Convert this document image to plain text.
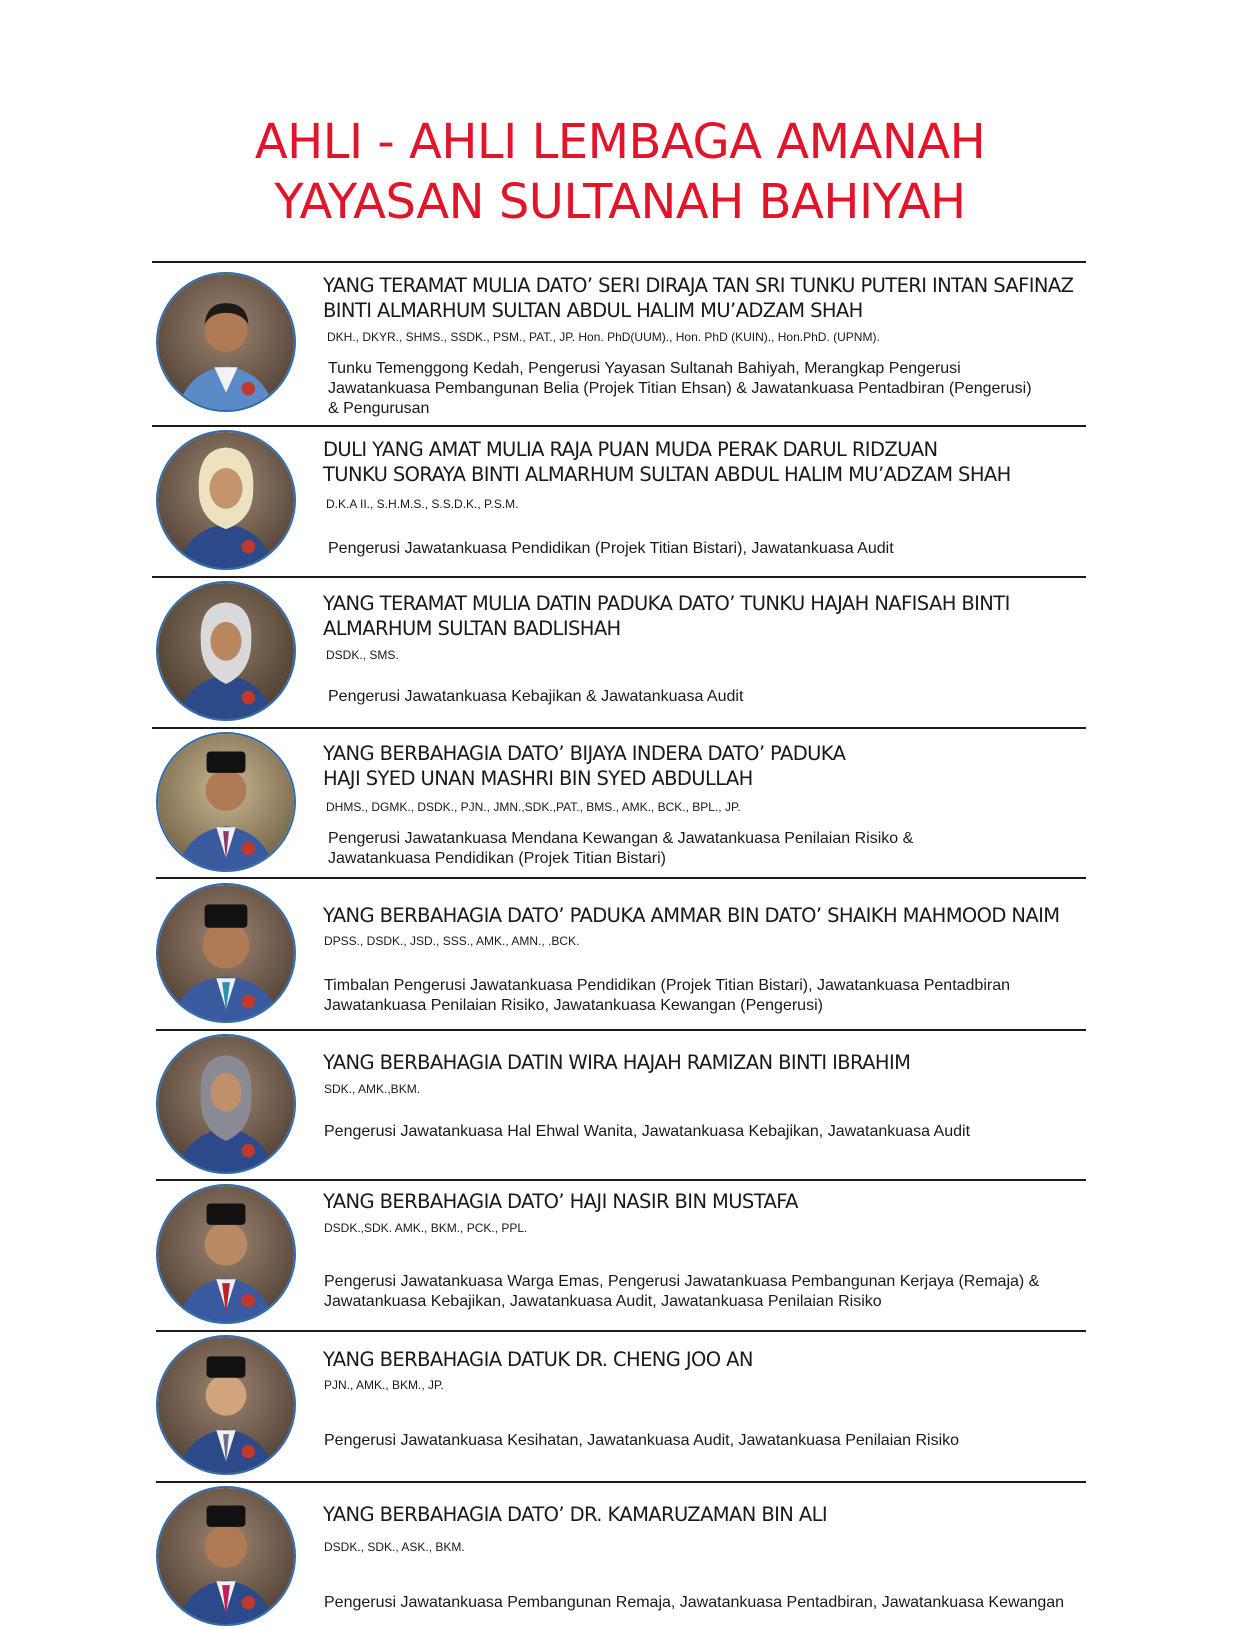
AHLI - AHLI LEMBAGA AMANAH
YAYASAN SULTANAH BAHIYAH
YANG TERAMAT MULIA DATO’ SERI DIRAJA TAN SRI TUNKU PUTERI INTAN SAFINAZ
BINTI ALMARHUM SULTAN ABDUL HALIM MU’ADZAM SHAH
DKH., DKYR., SHMS., SSDK., PSM., PAT., JP. Hon. PhD(UUM)., Hon. PhD (KUIN)., Hon.PhD. (UPNM).
Tunku Temenggong Kedah, Pengerusi Yayasan Sultanah Bahiyah, Merangkap Pengerusi
Jawatankuasa Pembangunan Belia (Projek Titian Ehsan) & Jawatankuasa Pentadbiran (Pengerusi)
& Pengurusan
DULI YANG AMAT MULIA RAJA PUAN MUDA PERAK DARUL RIDZUAN
TUNKU SORAYA BINTI ALMARHUM SULTAN ABDUL HALIM MU’ADZAM SHAH
D.K.A II., S.H.M.S., S.S.D.K., P.S.M.
Pengerusi Jawatankuasa Pendidikan (Projek Titian Bistari), Jawatankuasa Audit
YANG TERAMAT MULIA DATIN PADUKA DATO’ TUNKU HAJAH NAFISAH BINTI
ALMARHUM SULTAN BADLISHAH
DSDK., SMS.
Pengerusi Jawatankuasa Kebajikan & Jawatankuasa Audit
YANG BERBAHAGIA DATO’ BIJAYA INDERA DATO’ PADUKA
HAJI SYED UNAN MASHRI BIN SYED ABDULLAH
DHMS., DGMK., DSDK., PJN., JMN.,SDK.,PAT., BMS., AMK., BCK., BPL., JP.
Pengerusi Jawatankuasa Mendana Kewangan & Jawatankuasa Penilaian Risiko &
Jawatankuasa Pendidikan (Projek Titian Bistari)
YANG BERBAHAGIA DATO’ PADUKA AMMAR BIN DATO’ SHAIKH MAHMOOD NAIM
DPSS., DSDK., JSD., SSS., AMK., AMN., .BCK.
Timbalan Pengerusi Jawatankuasa Pendidikan (Projek Titian Bistari), Jawatankuasa Pentadbiran
Jawatankuasa Penilaian Risiko, Jawatankuasa Kewangan (Pengerusi)
YANG BERBAHAGIA DATIN WIRA HAJAH RAMIZAN BINTI IBRAHIM
SDK., AMK.,BKM.
Pengerusi Jawatankuasa Hal Ehwal Wanita, Jawatankuasa Kebajikan, Jawatankuasa Audit
YANG BERBAHAGIA DATO’ HAJI NASIR BIN MUSTAFA
DSDK.,SDK. AMK., BKM., PCK., PPL.
Pengerusi Jawatankuasa Warga Emas, Pengerusi Jawatankuasa Pembangunan Kerjaya (Remaja) &
Jawatankuasa Kebajikan, Jawatankuasa Audit, Jawatankuasa Penilaian Risiko
YANG BERBAHAGIA DATUK DR. CHENG JOO AN
PJN., AMK., BKM., JP.
Pengerusi Jawatankuasa Kesihatan, Jawatankuasa Audit, Jawatankuasa Penilaian Risiko
YANG BERBAHAGIA DATO’ DR. KAMARUZAMAN BIN ALI
DSDK., SDK., ASK., BKM.
Pengerusi Jawatankuasa Pembangunan Remaja, Jawatankuasa Pentadbiran, Jawatankuasa Kewangan
